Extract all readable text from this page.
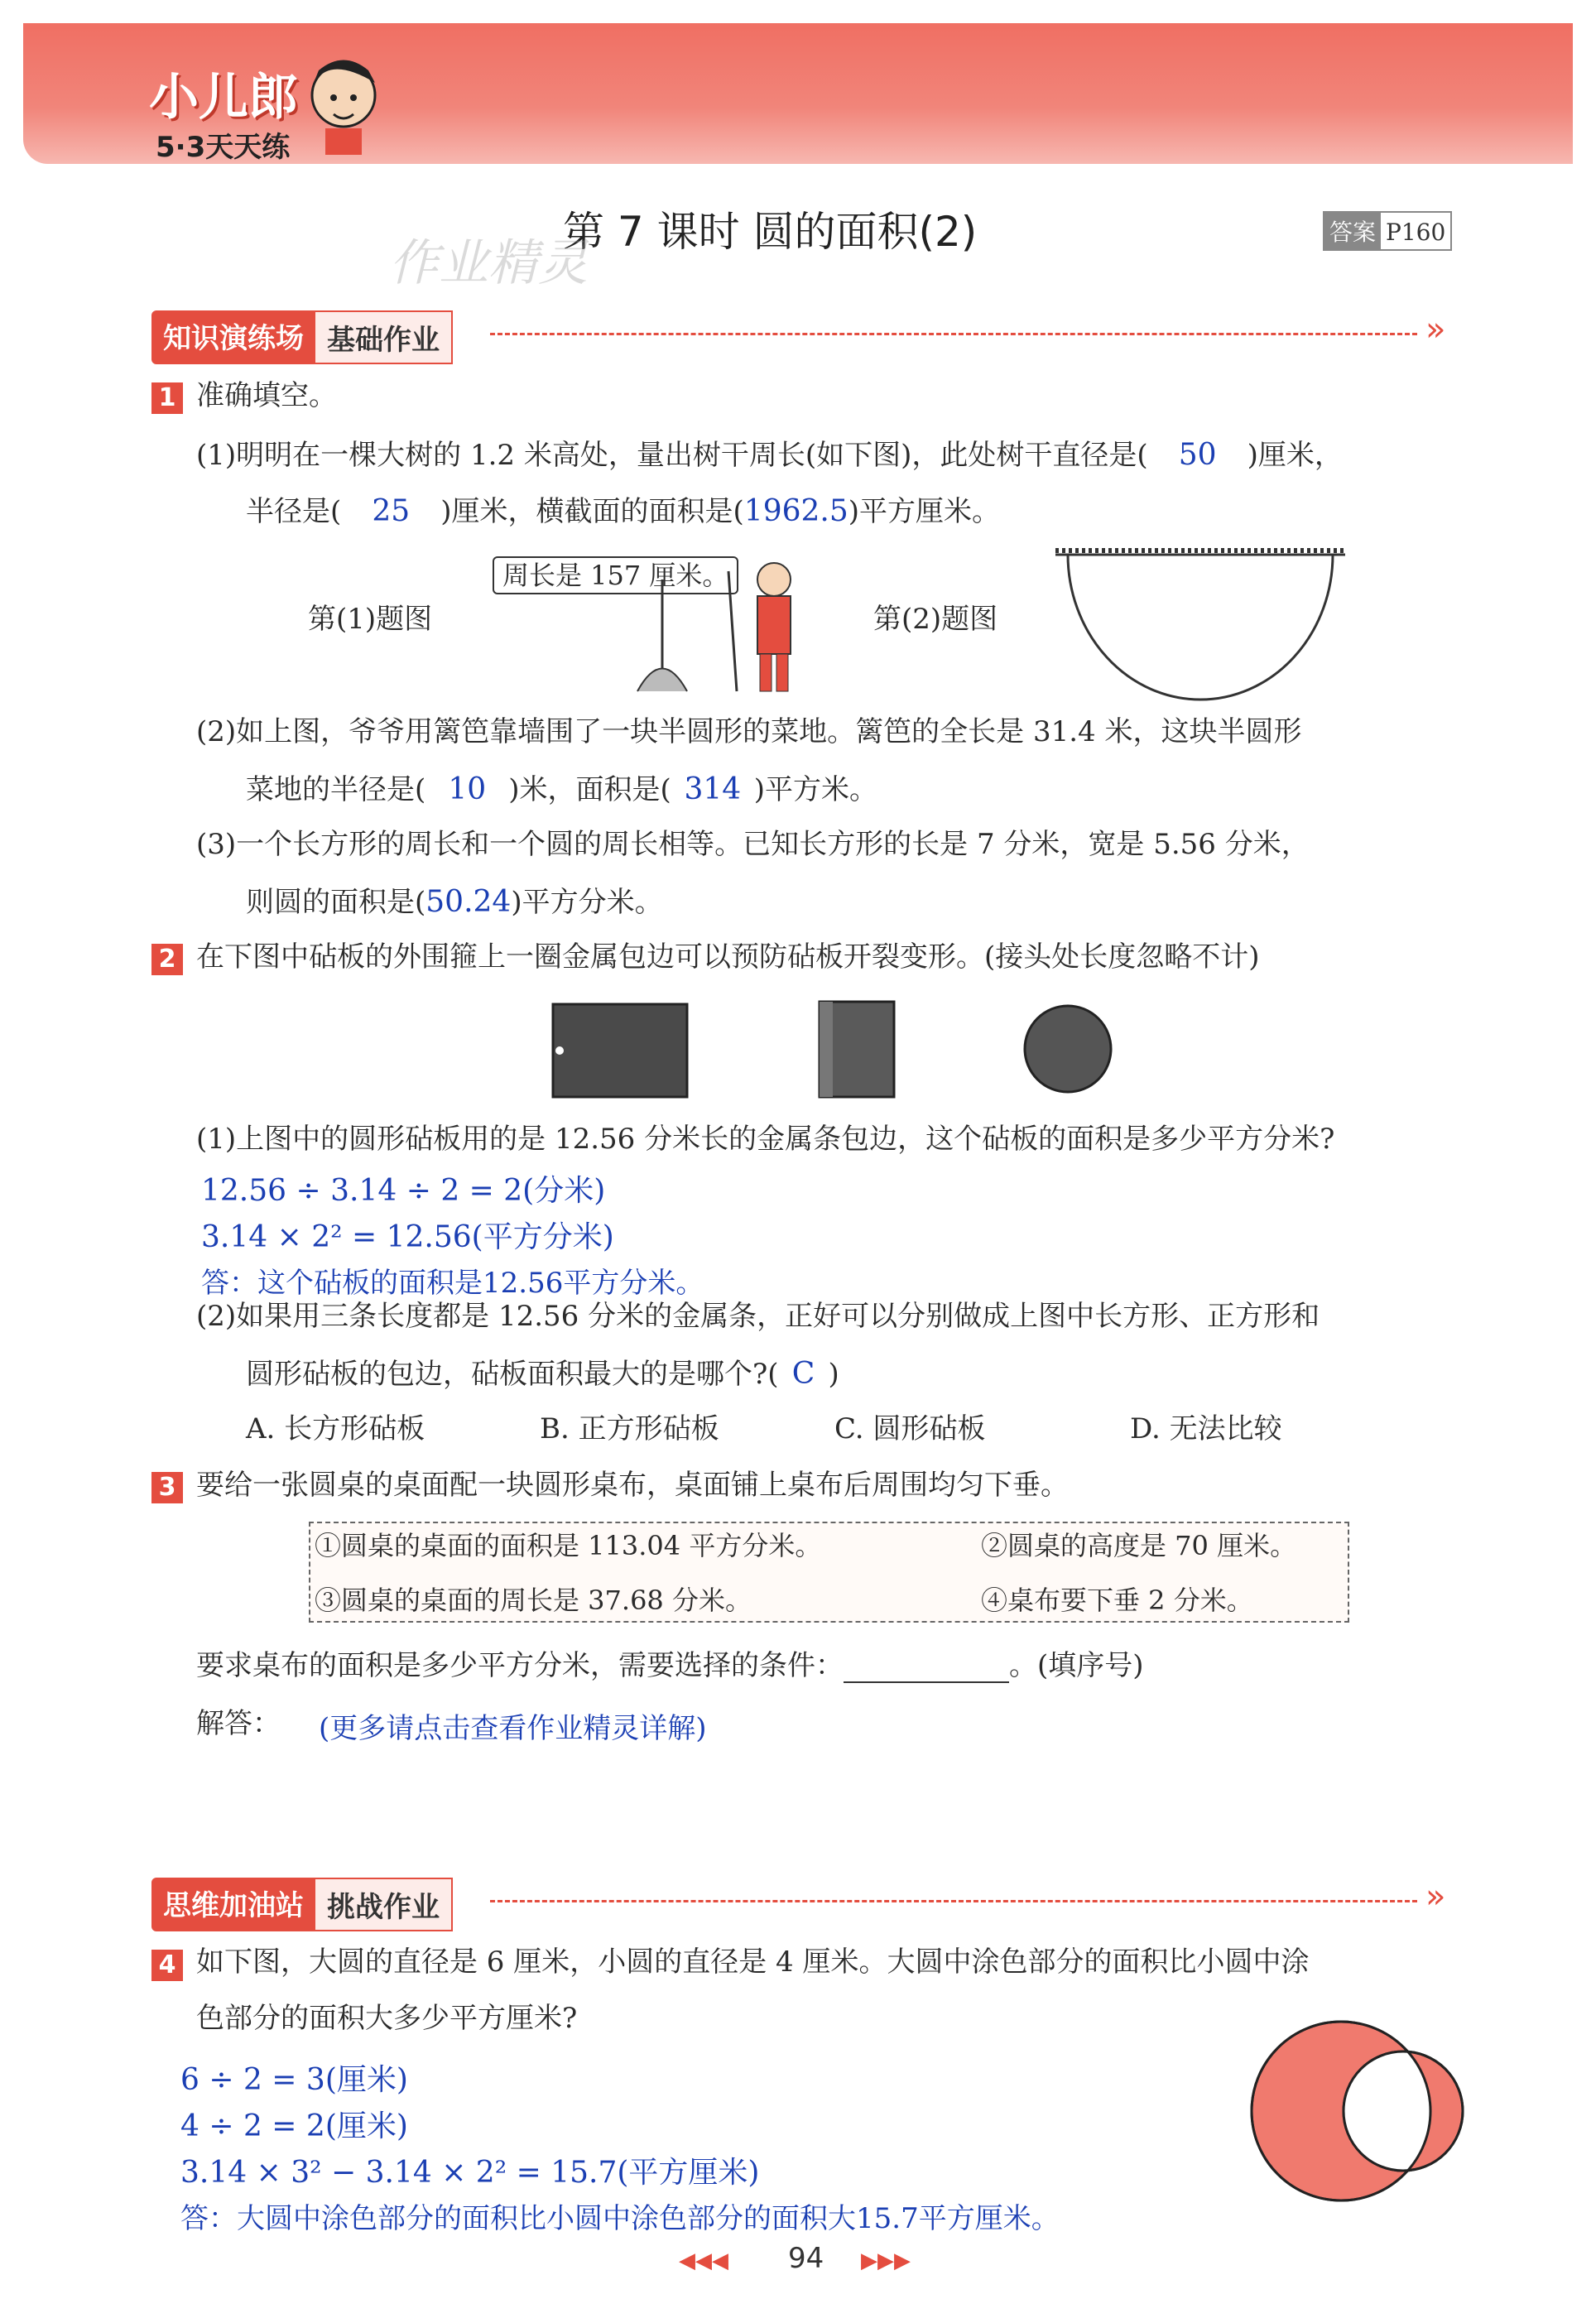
小儿郎
5·3天天练
第 7 课时 圆的面积(2)
作业精灵
答案 P160
知识演练场 基础作业	»
1 准确填空。
(1)明明在一棵大树的 1.2 米高处，量出树干周长(如下图)，此处树干直径是( 50 )厘米，
半径是( 25 )厘米，横截面的面积是(1962.5)平方厘米。
第(1)题图
周长是 157 厘米。
第(2)题图
(2)如上图，爷爷用篱笆靠墙围了一块半圆形的菜地。篱笆的全长是 31.4 米，这块半圆形
菜地的半径是( 10 )米，面积是( 314 )平方米。
(3)一个长方形的周长和一个圆的周长相等。已知长方形的长是 7 分米，宽是 5.56 分米，
则圆的面积是(50.24)平方分米。
2 在下图中砧板的外围箍上一圈金属包边可以预防砧板开裂变形。(接头处长度忽略不计)
(1)上图中的圆形砧板用的是 12.56 分米长的金属条包边，这个砧板的面积是多少平方分米?
12.56 ÷ 3.14 ÷ 2 = 2(分米)
3.14 × 2² = 12.56(平方分米)
答：这个砧板的面积是12.56平方分米。
(2)如果用三条长度都是 12.56 分米的金属条，正好可以分别做成上图中长方形、正方形和
圆形砧板的包边，砧板面积最大的是哪个?( C )
A. 长方形砧板	B. 正方形砧板	C. 圆形砧板	D. 无法比较
3 要给一张圆桌的桌面配一块圆形桌布，桌面铺上桌布后周围均匀下垂。
①圆桌的桌面的面积是 113.04 平方分米。	②圆桌的高度是 70 厘米。
③圆桌的桌面的周长是 37.68 分米。	④桌布要下垂 2 分米。
要求桌布的面积是多少平方分米，需要选择的条件：	。(填序号)
解答： (更多请点击查看作业精灵详解)
思维加油站 挑战作业	»
4 如下图，大圆的直径是 6 厘米，小圆的直径是 4 厘米。大圆中涂色部分的面积比小圆中涂
色部分的面积大多少平方厘米?
6 ÷ 2 = 3(厘米)
4 ÷ 2 = 2(厘米)
3.14 × 3² − 3.14 × 2² = 15.7(平方厘米)
答：大圆中涂色部分的面积比小圆中涂色部分的面积大15.7平方厘米。
◀◀◀ 94 ▶▶▶
